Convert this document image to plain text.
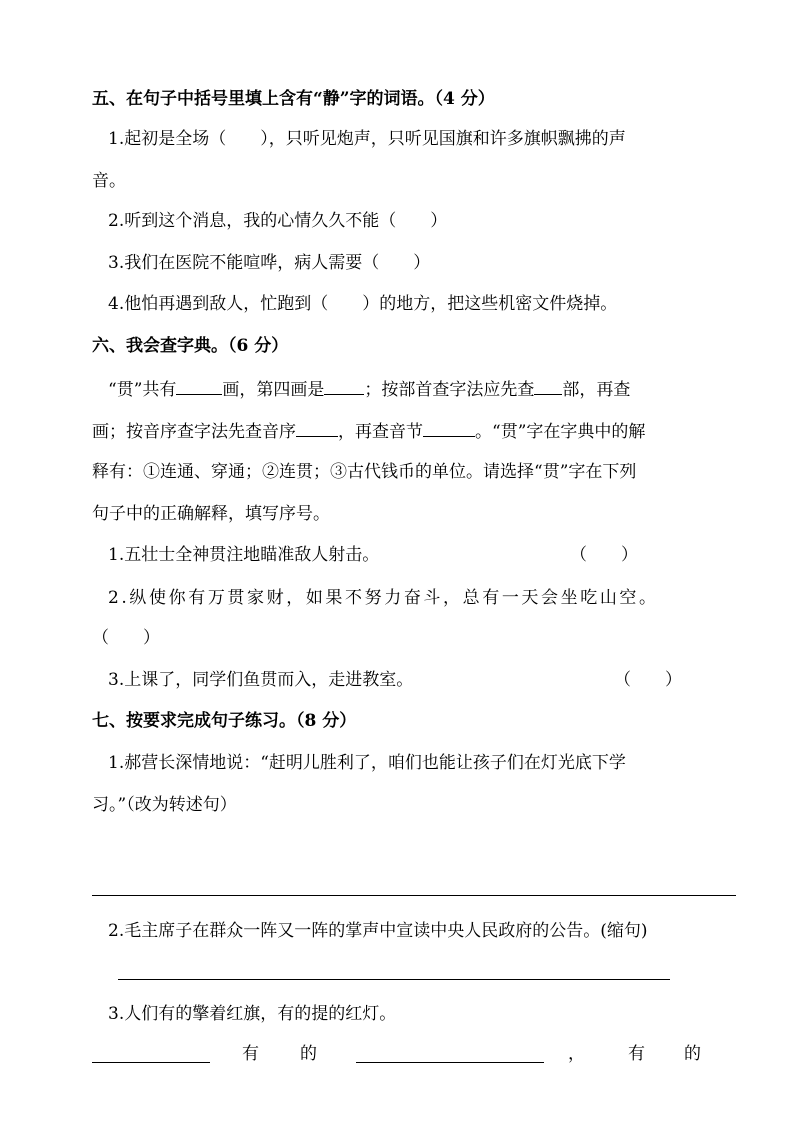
五、在句子中括号里填上含有“静”字的词语。（4 分）
1.起初是全场（　　），只听见炮声，只听见国旗和许多旗帜飘拂的声
音。
2.听到这个消息，我的心情久久不能（　　）
3.我们在医院不能喧哗，病人需要（　　）
4.他怕再遇到敌人，忙跑到（　　）的地方，把这些机密文件烧掉。
六、我会查字典。（6 分）
“贯”共有	画，第四画是 ；按部首查字法应先查 部，再查
画；按音序查字法先查音序 ，再查音节	。“贯”字在字典中的解
释有：①连通、穿通；②连贯；③古代钱币的单位。请选择“贯”字在下列
句子中的正确解释，填写序号。
1.五壮士全神贯注地瞄准敌人射击。	（　　）
2.纵使你有万贯家财，如果不努力奋斗，总有一天会坐吃山空。
（　　）
3.上课了，同学们鱼贯而入，走进教室。	（　　）
七、按要求完成句子练习。（8 分）
1.郝营长深情地说：“赶明儿胜利了，咱们也能让孩子们在灯光底下学
习。”（改为转述句）
2.毛主席子在群众一阵又一阵的掌声中宣读中央人民政府的公告。(缩句)
3.人们有的擎着红旗，有的提的红灯。
有 的	，	有 的
